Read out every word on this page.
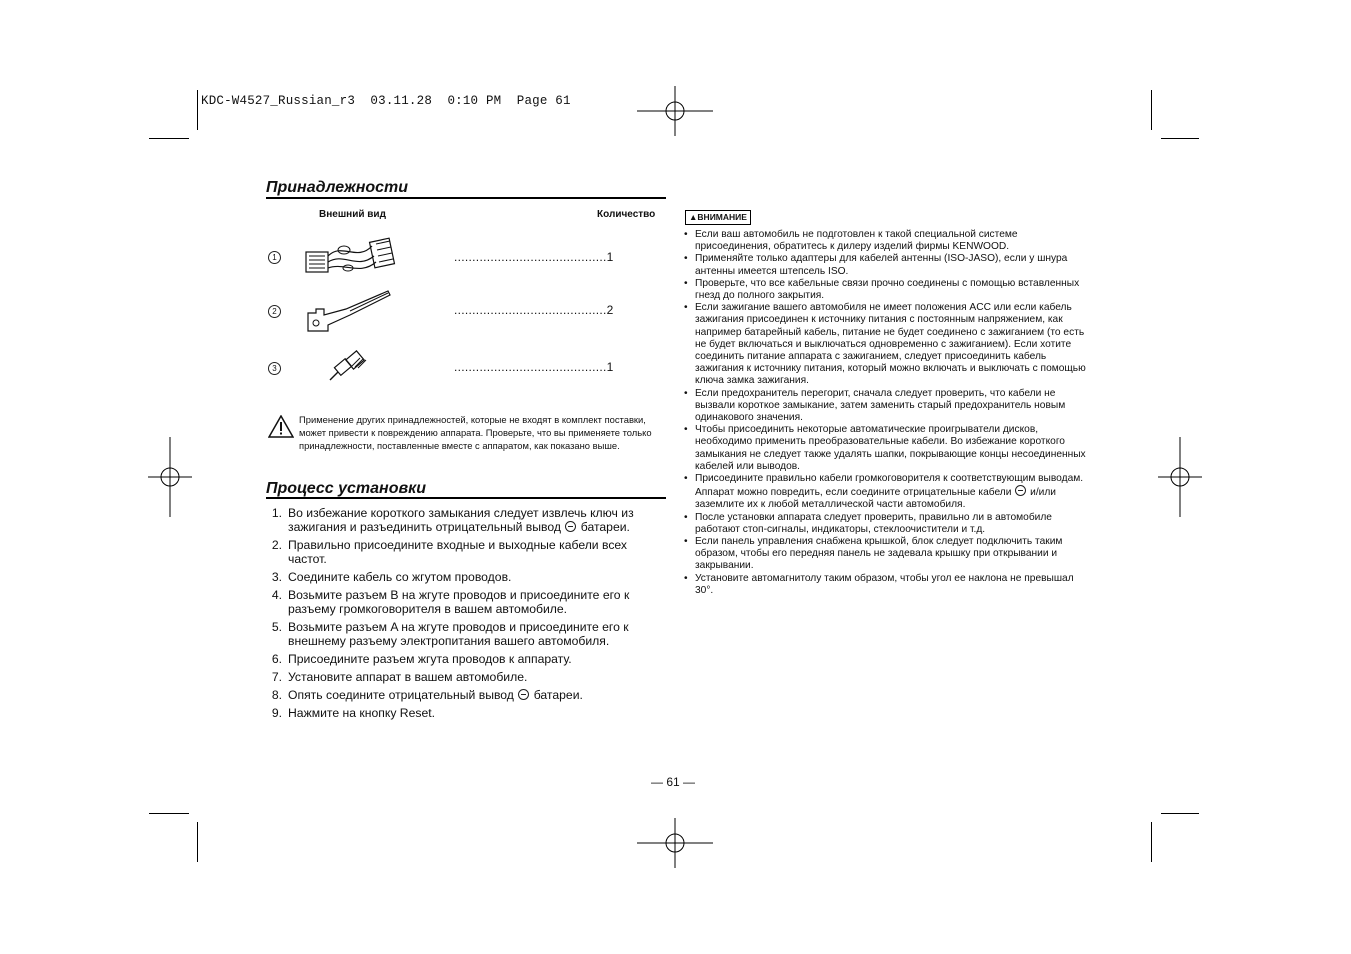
KDC-W4527_Russian_r3  03.11.28  0:10 PM  Page 61
Принадлежности
Внешний вид	Количество
1	..........................................1
2	..........................................2
3	..........................................1
Применение других принадлежностей, которые не входят в комплект поставки, может привести к повреждению аппарата. Проверьте, что вы применяете только принадлежности, поставленные вместе с аппаратом, как показано выше.
Процесс установки
1. Во избежание короткого замыкания следует извлечь ключ из зажигания и разъединить отрицательный вывод батареи.
2. Правильно присоедините входные и выходные кабели всех частот.
3. Соедините кабель со жгутом проводов.
4. Возьмите разъем B на жгуте проводов и присоедините его к разъему громкоговорителя в вашем автомобиле.
5. Возьмите разъем A на жгуте проводов и присоедините его к внешнему разъему электропитания вашего автомобиля.
6. Присоедините разъем жгута проводов к аппарату.
7. Установите аппарат в вашем автомобиле.
8. Опять соедините отрицательный вывод батареи.
9. Нажмите на кнопку Reset.
▲ВНИМАНИЕ
• Если ваш автомобиль не подготовлен к такой специальной системе присоединения, обратитесь к дилеру изделий фирмы KENWOOD.
• Применяйте только адаптеры для кабелей антенны (ISO-JASO), если у шнура антенны имеется штепсель ISO.
• Проверьте, что все кабельные связи прочно соединены с помощью вставленных гнезд до полного закрытия.
• Если зажигание вашего автомобиля не имеет положения ACC или если кабель зажигания присоединен к источнику питания с постоянным напряжением, как например батарейный кабель, питание не будет соединено с зажиганием (то есть не будет включаться и выключаться одновременно с зажиганием). Если хотите соединить питание аппарата с зажиганием, следует присоединить кабель зажигания к источнику питания, который можно включать и выключать с помощью ключа замка зажигания.
• Если предохранитель перегорит, сначала следует проверить, что кабели не вызвали короткое замыкание, затем заменить старый предохранитель новым одинакового значения.
• Чтобы присоединить некоторые автоматические проигрыватели дисков, необходимо применить преобразовательные кабели. Во избежание короткого замыкания не следует также удалять шапки, покрывающие концы несоединенных кабелей или выводов.
• Присоедините правильно кабели громкоговорителя к соответствующим выводам. Аппарат можно повредить, если соедините отрицательные кабели и/или заземлите их к любой металлической части автомобиля.
• После установки аппарата следует проверить, правильно ли в автомобиле работают стоп-сигналы, индикаторы, стеклоочистители и т.д.
• Если панель управления снабжена крышкой, блок следует подключить таким образом, чтобы его передняя панель не задевала крышку при открывании и закрывании.
• Установите автомагнитолу таким образом, чтобы угол ее наклона не превышал 30°.
— 61 —
